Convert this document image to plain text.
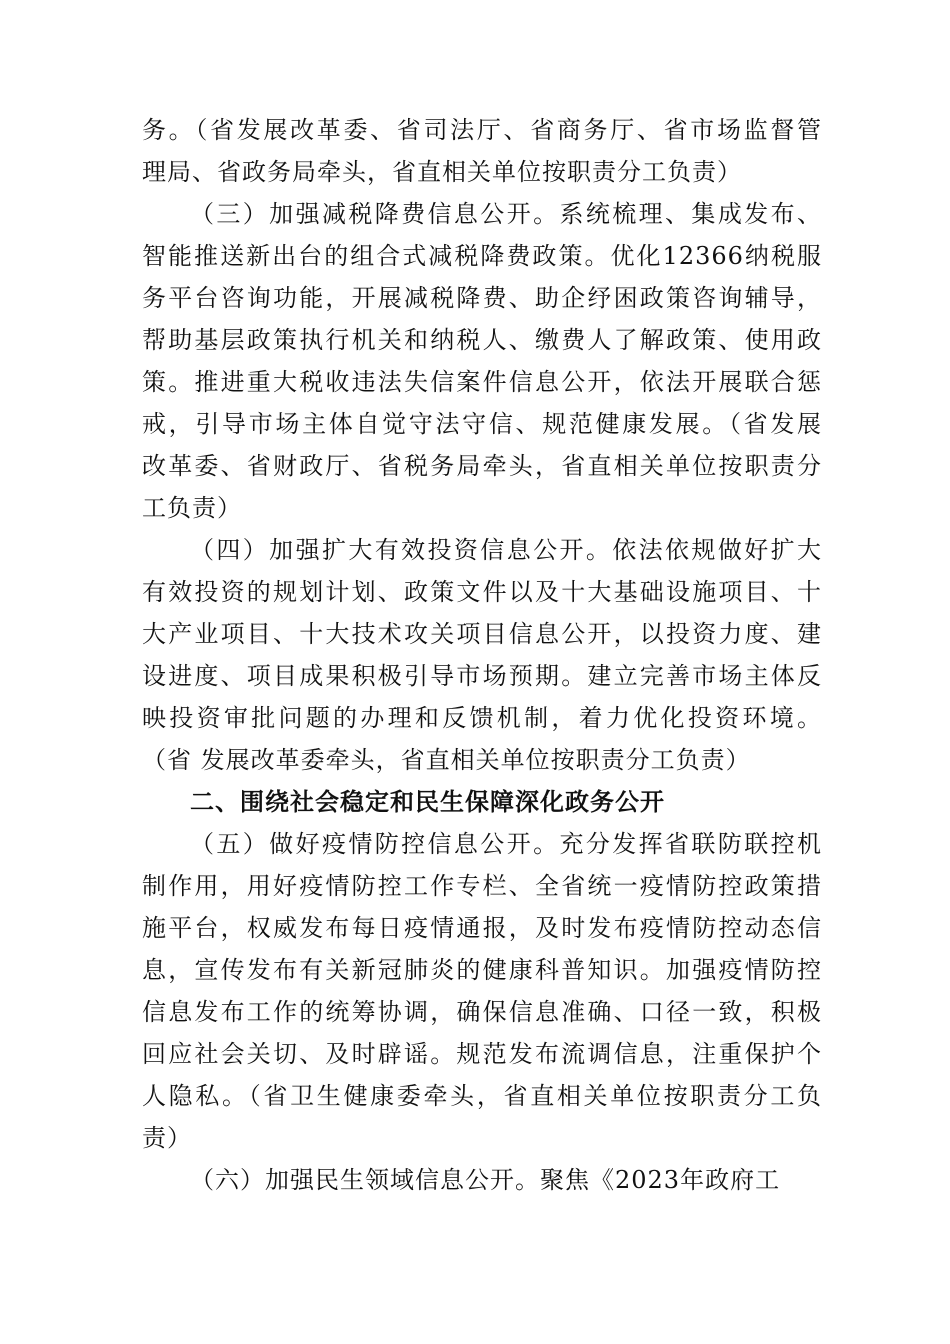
务。（省发展改革委、省司法厅、省商务厅、省市场监督管
理局、省政务局牵头，省直相关单位按职责分工负责）
（三）加强减税降费信息公开。系统梳理、集成发布、
智能推送新出台的组合式减税降费政策。优化12366纳税服
务平台咨询功能，开展减税降费、助企纾困政策咨询辅导，
帮助基层政策执行机关和纳税人、缴费人了解政策、使用政
策。推进重大税收违法失信案件信息公开，依法开展联合惩
戒，引导市场主体自觉守法守信、规范健康发展。（省发展
改革委、省财政厅、省税务局牵头，省直相关单位按职责分
工负责）
（四）加强扩大有效投资信息公开。依法依规做好扩大
有效投资的规划计划、政策文件以及十大基础设施项目、十
大产业项目、十大技术攻关项目信息公开，以投资力度、建
设进度、项目成果积极引导市场预期。建立完善市场主体反
映投资审批问题的办理和反馈机制，着力优化投资环境。
（省 发展改革委牵头，省直相关单位按职责分工负责）
二、围绕社会稳定和民生保障深化政务公开
（五）做好疫情防控信息公开。充分发挥省联防联控机
制作用，用好疫情防控工作专栏、全省统一疫情防控政策措
施平台，权威发布每日疫情通报，及时发布疫情防控动态信
息，宣传发布有关新冠肺炎的健康科普知识。加强疫情防控
信息发布工作的统筹协调，确保信息准确、口径一致，积极
回应社会关切、及时辟谣。规范发布流调信息，注重保护个
人隐私。（省卫生健康委牵头，省直相关单位按职责分工负
责）
（六）加强民生领域信息公开。聚焦《2023年政府工
